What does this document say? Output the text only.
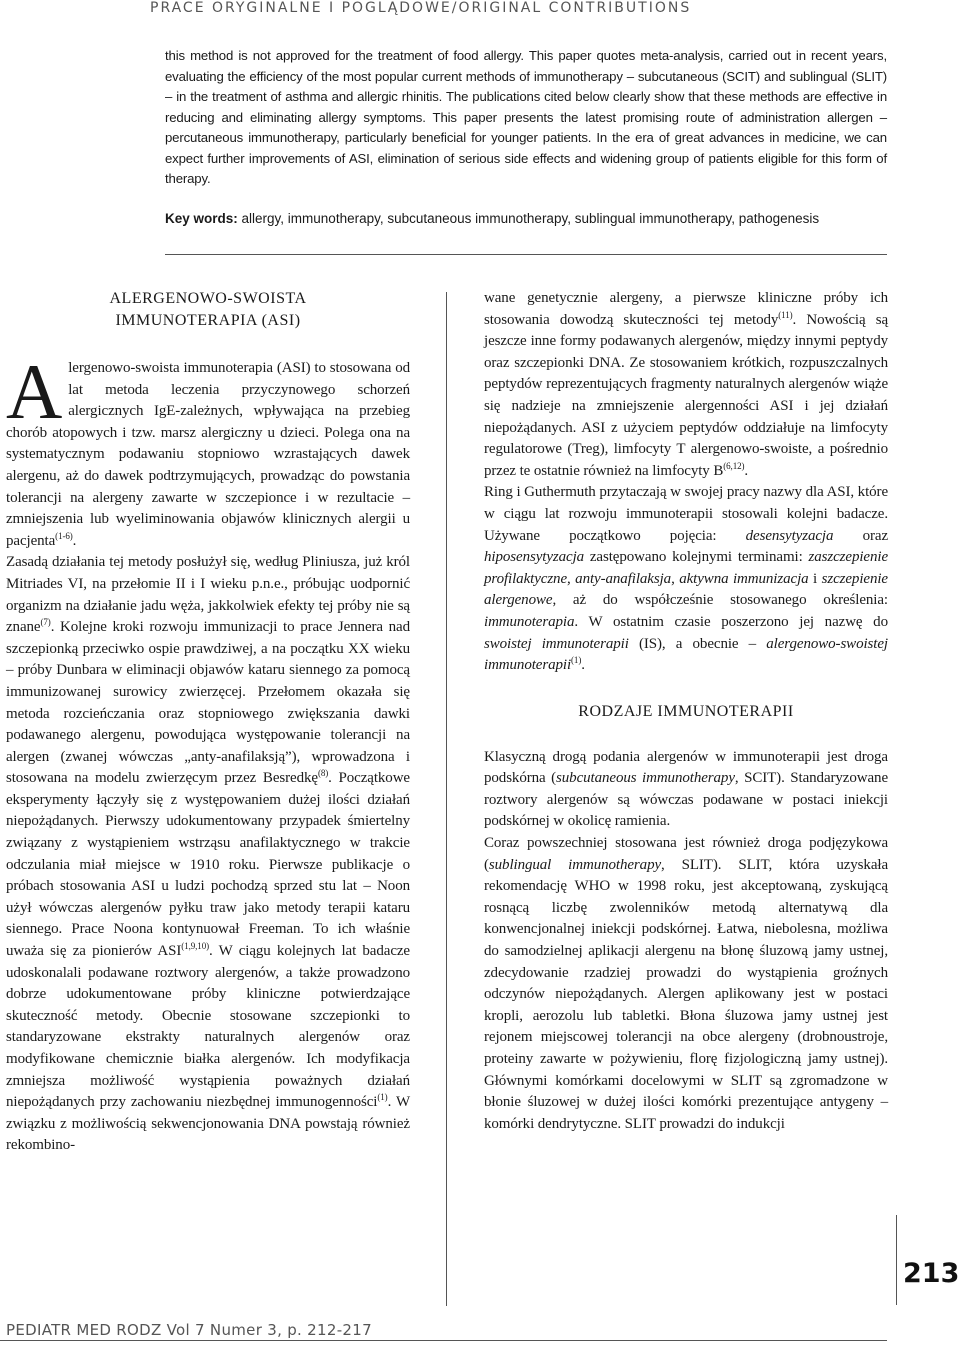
PRACE ORYGINALNE I POGLĄDOWE/ORIGINAL CONTRIBUTIONS
this method is not approved for the treatment of food allergy. This paper quotes meta-analysis, carried out in recent years, evaluating the efficiency of the most popular current methods of immunotherapy – subcutaneous (SCIT) and sublingual (SLIT) – in the treatment of asthma and allergic rhinitis. The publications cited below clearly show that these methods are effective in reducing and eliminating allergy symptoms. This paper presents the latest promising route of administration allergen – percutaneous immunotherapy, particularly beneficial for younger patients. In the era of great advances in medicine, we can expect further improvements of ASI, elimination of serious side effects and widening group of patients eligible for this form of therapy.
Key words: allergy, immunotherapy, subcutaneous immunotherapy, sublingual immunotherapy, pathogenesis
ALERGENOWO-SWOISTA
IMMUNOTERAPIA (ASI)

Alergenowo-swoista immunoterapia (ASI) to stosowana od lat metoda leczenia przyczynowego schorzeń alergicznych IgE-zależnych, wpływająca na przebieg chorób atopowych i tzw. marsz alergiczny u dzieci. Polega ona na systematycznym podawaniu stopniowo wzrastających dawek alergenu, aż do dawek podtrzymujących, prowadząc do powstania tolerancji na alergeny zawarte w szczepionce i w rezultacie – zmniejszenia lub wyeliminowania objawów klinicznych alergii u pacjenta$^{(1-6)}$.

Zasadą działania tej metody posłużył się, według Pliniusza, już król Mitriades VI, na przełomie II i I wieku p.n.e., próbując uodpornić organizm na działanie jadu węża, jakkolwiek efekty tej próby nie są znane$^{(7)}$. Kolejne kroki rozwoju immunizacji to prace Jennera nad szczepionką przeciwko ospie prawdziwej, a na początku XX wieku – próby Dunbara w eliminacji objawów kataru siennego za pomocą immunizowanej surowicy zwierzęcej. Przełomem okazała się metoda rozcieńczania oraz stopniowego zwiększania dawki podawanego alergenu, powodująca występowanie tolerancji na alergen (zwanej wówczas „anty-anafilaksją”), wprowadzona i stosowana na modelu zwierzęcym przez Besredkę$^{(8)}$. Początkowe eksperymenty łączyły się z występowaniem dużej ilości działań niepożądanych. Pierwszy udokumentowany przypadek śmiertelny związany z wystąpieniem wstrząsu anafilaktycznego w trakcie odczulania miał miejsce w 1910 roku. Pierwsze publikacje o próbach stosowania ASI u ludzi pochodzą sprzed stu lat – Noon użył wówczas alergenów pyłku traw jako metody terapii kataru siennego. Prace Noona kontynuował Freeman. To ich właśnie uważa się za pionierów ASI$^{(1,9,10)}$. W ciągu kolejnych lat badacze udoskonalali podawane roztwory alergenów, a także prowadzono dobrze udokumentowane próby kliniczne potwierdzające skuteczność metody. Obecnie stosowane szczepionki to standaryzowane ekstrakty naturalnych alergenów oraz modyfikowane chemicznie białka alergenów. Ich modyfikacja zmniejsza możliwość wystąpienia poważnych działań niepożądanych przy zachowaniu niezbędnej immunogenności$^{(1)}$. W związku z możliwością sekwencjonowania DNA powstają również rekombino-

wane genetycznie alergeny, a pierwsze kliniczne próby ich stosowania dowodzą skuteczności tej metody$^{(11)}$. Nowością są jeszcze inne formy podawanych alergenów, między innymi peptydy oraz szczepionki DNA. Ze stosowaniem krótkich, rozpuszczalnych peptydów reprezentujących fragmenty naturalnych alergenów wiąże się nadzieje na zmniejszenie alergenności ASI i jej działań niepożądanych. ASI z użyciem peptydów oddziałuje na limfocyty regulatorowe (Treg), limfocyty T alergenowo-swoiste, a pośrednio przez te ostatnie również na limfocyty B$^{(6,12)}$.

Ring i Guthermuth przytaczają w swojej pracy nazwy dla ASI, które w ciągu lat rozwoju immunoterapii stosowali kolejni badacze. Używane początkowo pojęcia: desensytyzacja oraz hiposensytyzacja zastępowano kolejnymi terminami: zaszczepienie profilaktyczne, anty-anafilaksja, aktywna immunizacja i szczepienie alergenowe, aż do współcześnie stosowanego określenia: immunoterapia. W ostatnim czasie poszerzono jej nazwę do swoistej immunoterapii (IS), a obecnie – alergenowo-swoistej immunoterapii$^{(1)}$.

RODZAJE IMMUNOTERAPII

Klasyczną drogą podania alergenów w immunoterapii jest droga podskórna (subcutaneous immunotherapy, SCIT). Standaryzowane roztwory alergenów są wówczas podawane w postaci iniekcji podskórnej w okolicę ramienia.

Coraz powszechniej stosowana jest również droga podjęzykowa (sublingual immunotherapy, SLIT). SLIT, która uzyskała rekomendację WHO w 1998 roku, jest akceptowaną, zyskującą rosnącą liczbę zwolenników metodą alternatywą dla konwencjonalnej iniekcji podskórnej. Łatwa, niebolesna, możliwa do samodzielnej aplikacji alergenu na błonę śluzową jamy ustnej, zdecydowanie rzadziej prowadzi do wystąpienia groźnych odczynów niepożądanych. Alergen aplikowany jest w postaci kropli, aerozolu lub tabletki. Błona śluzowa jamy ustnej jest rejonem miejscowej tolerancji na obce alergeny (drobnoustroje, proteiny zawarte w pożywieniu, florę fizjologiczną jamy ustnej). Głównymi komórkami docelowymi w SLIT są zgromadzone w błonie śluzowej w dużej ilości komórki prezentujące antygeny – komórki dendrytyczne. SLIT prowadzi do indukcji

213
PEDIATR MED RODZ Vol 7 Numer 3, p. 212-217
